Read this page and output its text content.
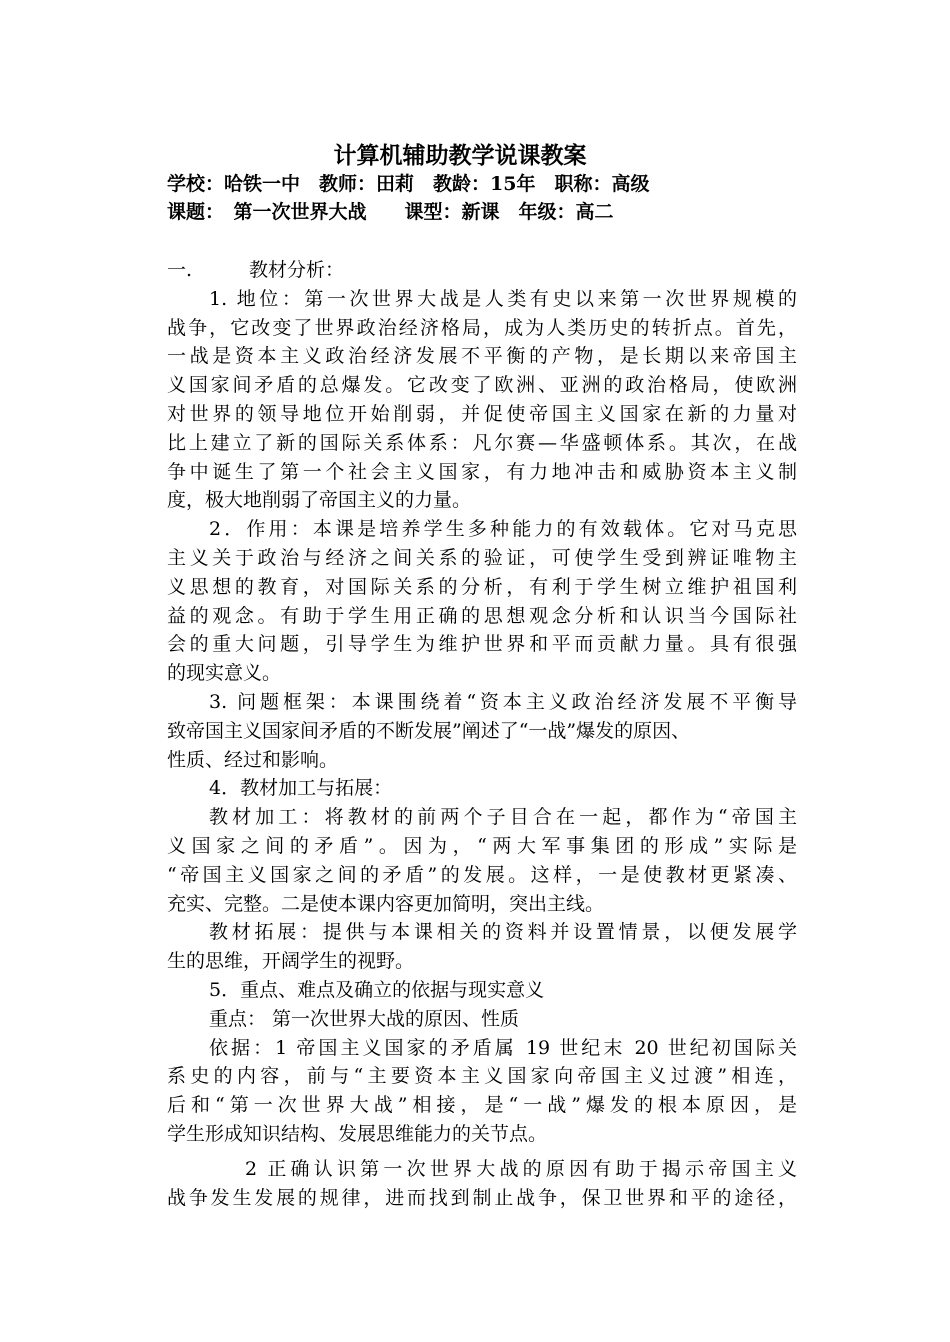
计算机辅助教学说课教案
学校：哈铁一中　教师：田莉　教龄：15年　职称：高级
课题：　第一次世界大战　　课型：新课　年级：高二
一.　　　教材分析：
1. 地位：第一次世界大战是人类有史以来第一次世界规模的
战争，它改变了世界政治经济格局，成为人类历史的转折点。首先，
一战是资本主义政治经济发展不平衡的产物，是长期以来帝国主
义国家间矛盾的总爆发。它改变了欧洲、亚洲的政治格局，使欧洲
对世界的领导地位开始削弱，并促使帝国主义国家在新的力量对
比上建立了新的国际关系体系：凡尔赛—华盛顿体系。其次，在战
争中诞生了第一个社会主义国家，有力地冲击和威胁资本主义制
度，极大地削弱了帝国主义的力量。
2．作用：本课是培养学生多种能力的有效载体。它对马克思
主义关于政治与经济之间关系的验证，可使学生受到辨证唯物主
义思想的教育，对国际关系的分析，有利于学生树立维护祖国利
益的观念。有助于学生用正确的思想观念分析和认识当今国际社
会的重大问题，引导学生为维护世界和平而贡献力量。具有很强
的现实意义。
3. 问题框架：本课围绕着“资本主义政治经济发展不平衡导
致帝国主义国家间矛盾的不断发展”阐述了“一战”爆发的原因、
性质、经过和影响。
4．教材加工与拓展：
教材加工：将教材的前两个子目合在一起，都作为“帝国主
义国家之间的矛盾”。因为，“两大军事集团的形成”实际是
“帝国主义国家之间的矛盾”的发展。这样，一是使教材更紧凑、
充实、完整。二是使本课内容更加简明，突出主线。
教材拓展：提供与本课相关的资料并设置情景，以便发展学
生的思维，开阔学生的视野。
5．重点、难点及确立的依据与现实意义
重点： 第一次世界大战的原因、性质
依据：1 帝国主义国家的矛盾属 19 世纪末 20 世纪初国际关
系史的内容，前与“主要资本主义国家向帝国主义过渡”相连，
后和“第一次世界大战”相接，是“一战”爆发的根本原因，是
学生形成知识结构、发展思维能力的关节点。
2 正确认识第一次世界大战的原因有助于揭示帝国主义
战争发生发展的规律，进而找到制止战争，保卫世界和平的途径，
